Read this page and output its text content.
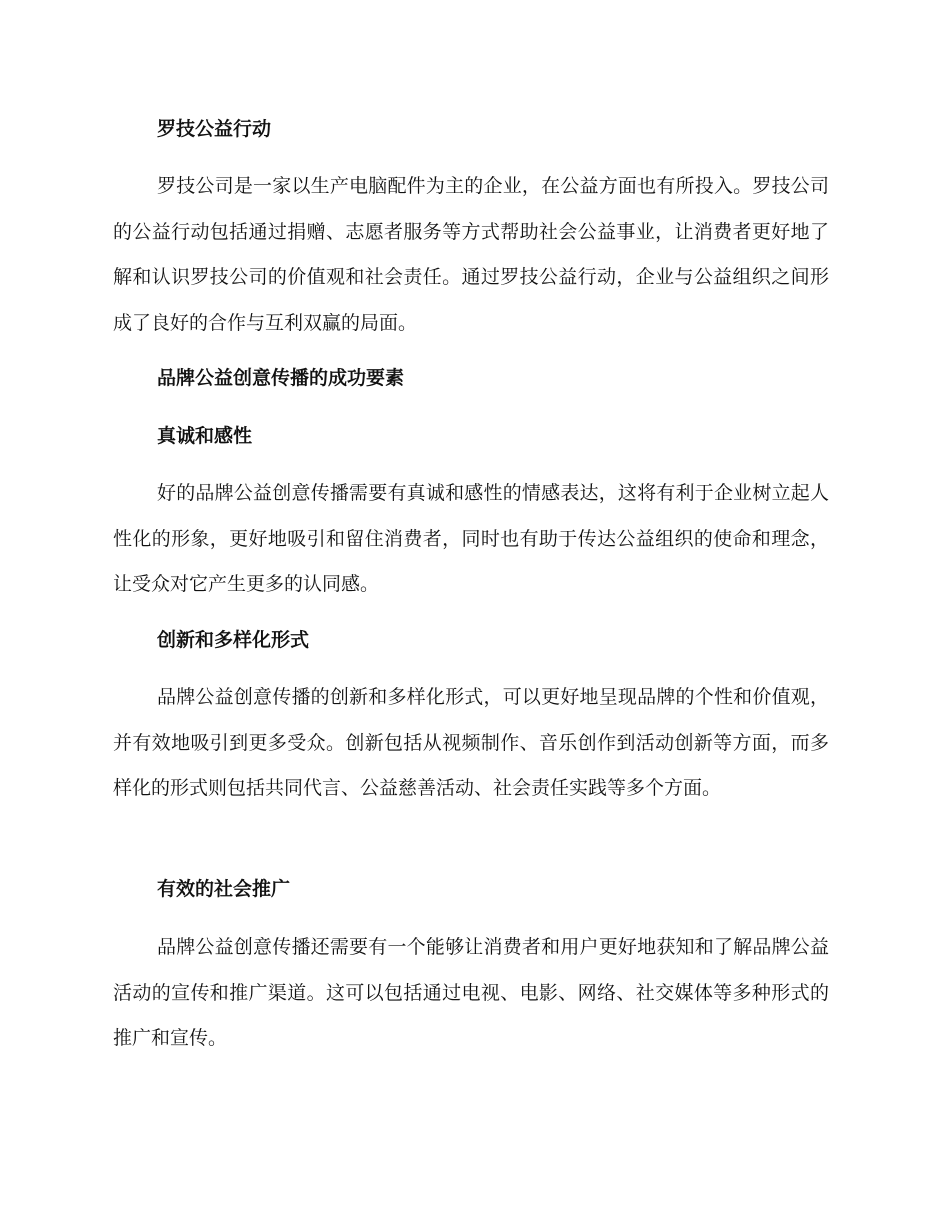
罗技公益行动

罗技公司是一家以生产电脑配件为主的企业，在公益方面也有所投入。罗技公司的公益行动包括通过捐赠、志愿者服务等方式帮助社会公益事业，让消费者更好地了解和认识罗技公司的价值观和社会责任。通过罗技公益行动，企业与公益组织之间形成了良好的合作与互利双赢的局面。

品牌公益创意传播的成功要素
真诚和感性

好的品牌公益创意传播需要有真诚和感性的情感表达，这将有利于企业树立起人性化的形象，更好地吸引和留住消费者，同时也有助于传达公益组织的使命和理念，让受众对它产生更多的认同感。

创新和多样化形式

品牌公益创意传播的创新和多样化形式，可以更好地呈现品牌的个性和价值观，并有效地吸引到更多受众。创新包括从视频制作、音乐创作到活动创新等方面，而多样化的形式则包括共同代言、公益慈善活动、社会责任实践等多个方面。

有效的社会推广

品牌公益创意传播还需要有一个能够让消费者和用户更好地获知和了解品牌公益活动的宣传和推广渠道。这可以包括通过电视、电影、网络、社交媒体等多种形式的推广和宣传。
